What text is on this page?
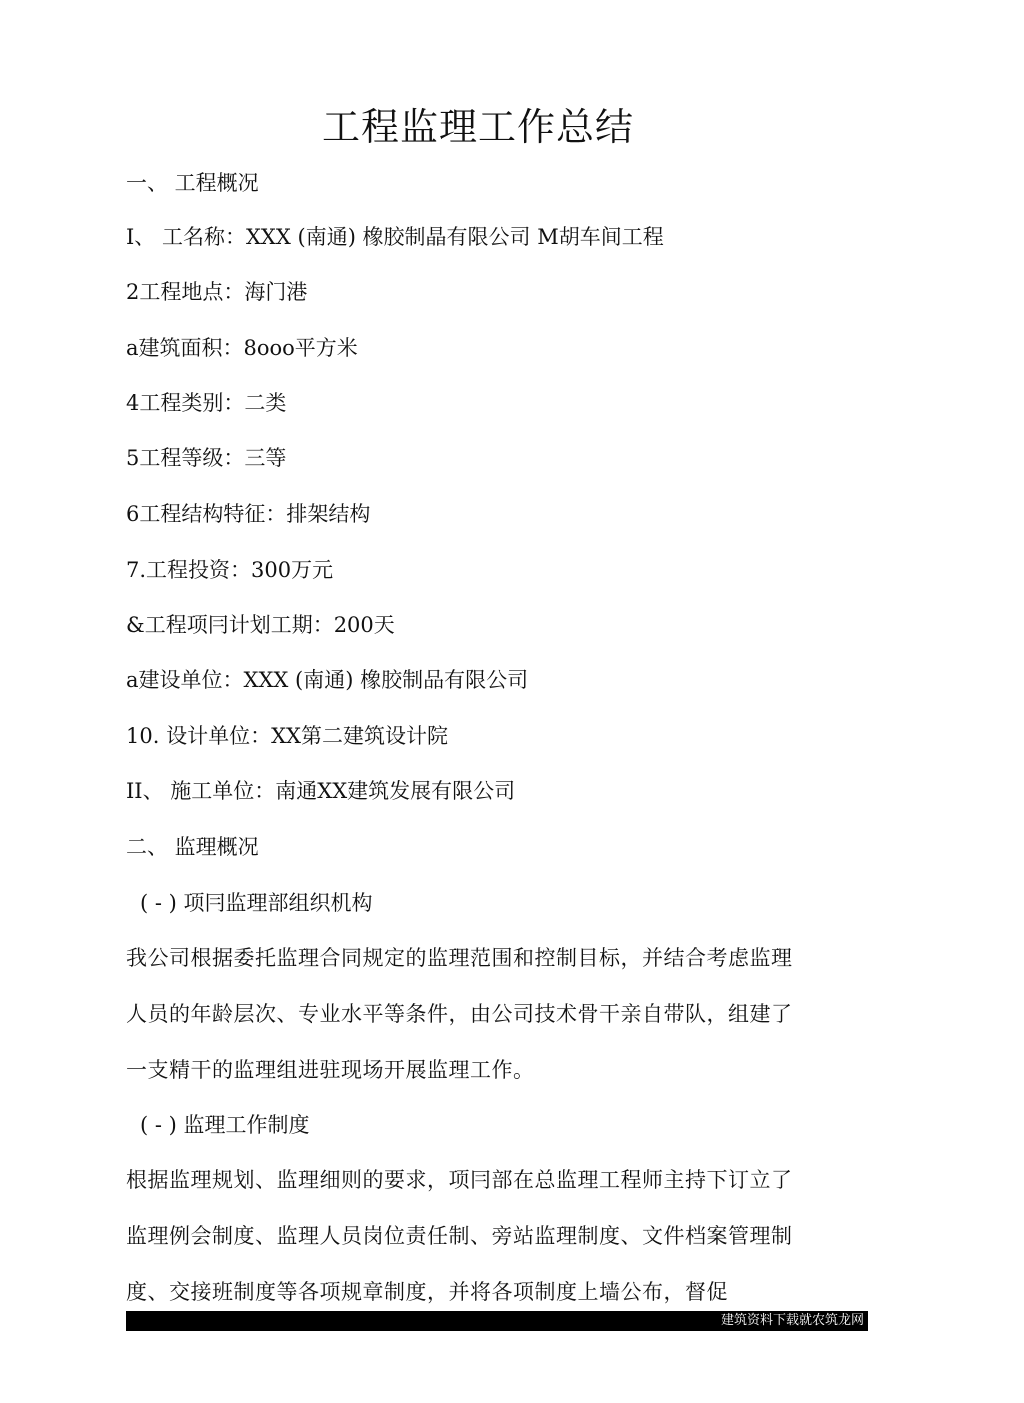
工程监理工作总结
一、 工程概况
I、 工名称：XXX (南通) 橡胶制晶有限公司 M胡车间工程
2工程地点：海门港
a建筑面积：8ooo平方米
4工程类别：二类
5工程等级：三等
6工程结构特征：排架结构
7.工程投资：300万元
&工程项冃计划工期：200天
a建设单位：XXX (南通) 橡胶制品有限公司
10. 设计单位：XX第二建筑设计院
II、 施工单位：南通XX建筑发展有限公司
二、 监理概况
( - ) 项冃监理部组织机构
我公司根据委托监理合同规定的监理范围和控制目标，并结合考虑监理人员的年龄层次、专业水平等条件，由公司技术骨干亲自带队，组建了一支精干的监理组进驻现场开展监理工作。
( - ) 监理工作制度
根据监理规划、监理细则的要求，项冃部在总监理工程师主持下订立了监理例会制度、监理人员岗位责任制、旁站监理制度、文件档案管理制度、交接班制度等各项规章制度，并将各项制度上墙公布，督促
建筑资料下载就农筑龙网
